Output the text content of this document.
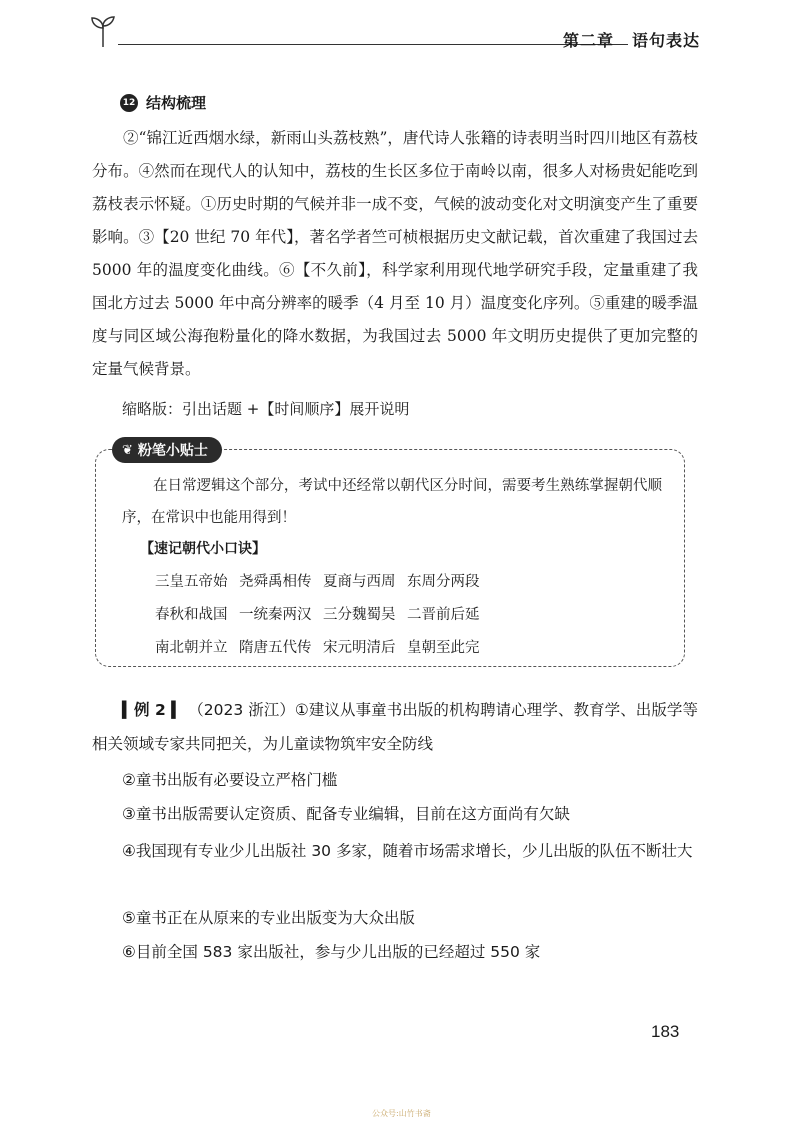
第二章 语句表达
12 结构梳理

②“锦江近西烟水绿，新雨山头荔枝熟”，唐代诗人张籍的诗表明当时四川地区有荔枝分布。④然而在现代人的认知中，荔枝的生长区多位于南岭以南，很多人对杨贵妃能吃到荔枝表示怀疑。①历史时期的气候并非一成不变，气候的波动变化对文明演变产生了重要影响。③【20 世纪 70 年代】，著名学者竺可桢根据历史文献记载，首次重建了我国过去 5000 年的温度变化曲线。⑥【不久前】，科学家利用现代地学研究手段，定量重建了我国北方过去 5000 年中高分辨率的暖季（4 月至 10 月）温度变化序列。⑤重建的暖季温度与同区域公海孢粉量化的降水数据，为我国过去 5000 年文明历史提供了更加完整的定量气候背景。

缩略版：引出话题 +【时间顺序】展开说明
❦ 粉笔小贴士

在日常逻辑这个部分，考试中还经常以朝代区分时间，需要考生熟练掌握朝代顺序，在常识中也能用得到！

【速记朝代小口诀】
三皇五帝始 尧舜禹相传 夏商与西周 东周分两段
春秋和战国 一统秦两汉 三分魏蜀吴 二晋前后延
南北朝并立 隋唐五代传 宋元明清后 皇朝至此完

▍例 2 ▍ （2023 浙江）①建议从事童书出版的机构聘请心理学、教育学、出版学等相关领域专家共同把关，为儿童读物筑牢安全防线

②童书出版有必要设立严格门槛
③童书出版需要认定资质、配备专业编辑，目前在这方面尚有欠缺

④我国现有专业少儿出版社 30 多家，随着市场需求增长，少儿出版的队伍不断壮大

⑤童书正在从原来的专业出版变为大众出版
⑥目前全国 583 家出版社，参与少儿出版的已经超过 550 家
183
公众号:山竹书斋
